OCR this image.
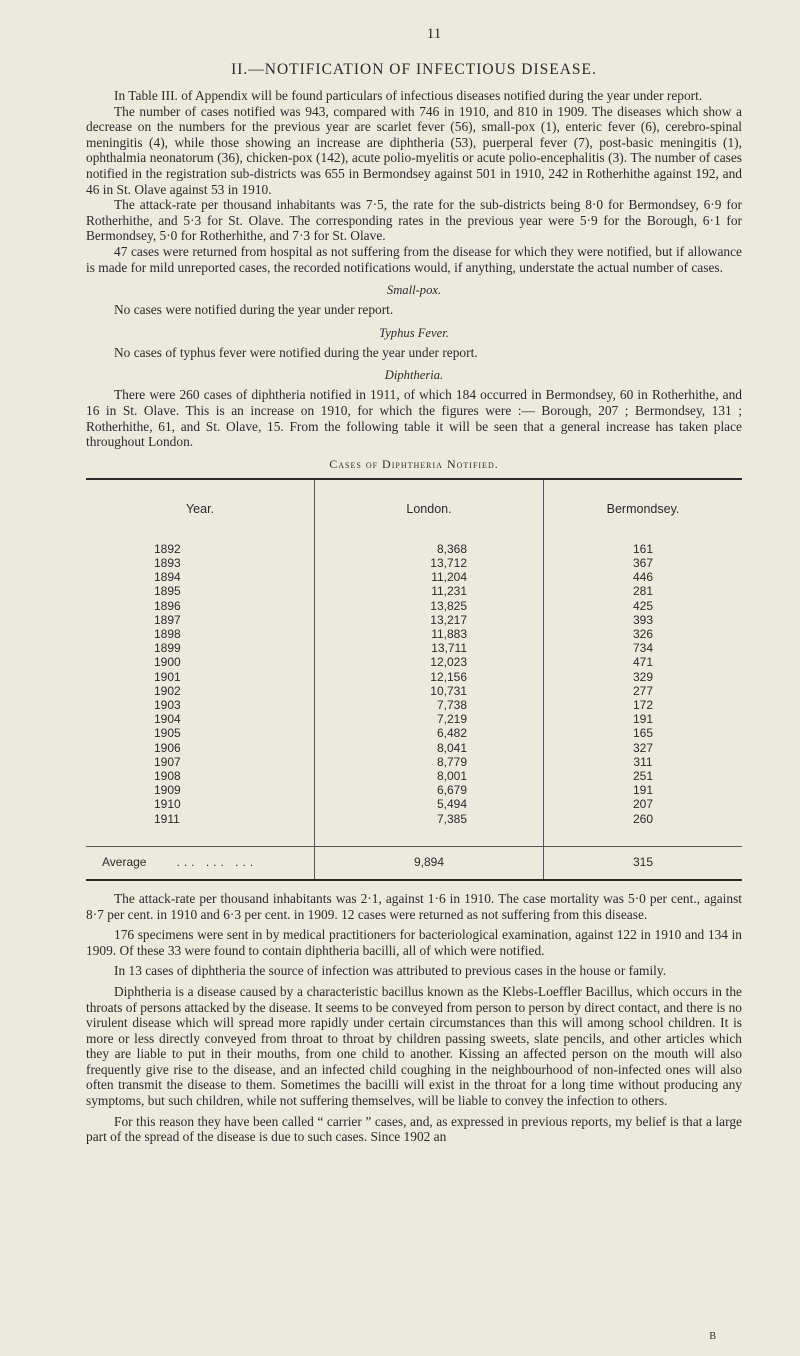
11
II.—NOTIFICATION OF INFECTIOUS DISEASE.

In Table III. of Appendix will be found particulars of infectious diseases notified during the year under report.

The number of cases notified was 943, compared with 746 in 1910, and 810 in 1909. The diseases which show a decrease on the numbers for the previous year are scarlet fever (56), small-pox (1), enteric fever (6), cerebro-spinal meningitis (4), while those showing an increase are diphtheria (53), puerperal fever (7), post-basic meningitis (1), ophthalmia neonatorum (36), chicken-pox (142), acute polio-myelitis or acute polio-encephalitis (3). The number of cases notified in the registration sub-districts was 655 in Bermondsey against 501 in 1910, 242 in Rotherhithe against 192, and 46 in St. Olave against 53 in 1910.

The attack-rate per thousand inhabitants was 7·5, the rate for the sub-districts being 8·0 for Bermondsey, 6·9 for Rotherhithe, and 5·3 for St. Olave. The corresponding rates in the previous year were 5·9 for the Borough, 6·1 for Bermondsey, 5·0 for Rotherhithe, and 7·3 for St. Olave.

47 cases were returned from hospital as not suffering from the disease for which they were notified, but if allowance is made for mild unreported cases, the recorded notifications would, if anything, understate the actual number of cases.

Small-pox.

No cases were notified during the year under report.

Typhus Fever.

No cases of typhus fever were notified during the year under report.

Diphtheria.

There were 260 cases of diphtheria notified in 1911, of which 184 occurred in Bermondsey, 60 in Rotherhithe, and 16 in St. Olave. This is an increase on 1910, for which the figures were :— Borough, 207 ; Bermondsey, 131 ; Rotherhithe, 61, and St. Olave, 15. From the following table it will be seen that a general increase has taken place throughout London.

Cases of Diphtheria Notified.
Year.	London.	Bermondsey.
1892	8,368	161
1893	13,712	367
1894	11,204	446
1895	11,231	281
1896	13,825	425
1897	13,217	393
1898	11,883	326
1899	13,711	734
1900	12,023	471
1901	12,156	329
1902	10,731	277
1903	7,738	172
1904	7,219	191
1905	6,482	165
1906	8,041	327
1907	8,779	311
1908	8,001	251
1909	6,679	191
1910	5,494	207
1911	7,385	260

Average ... ... ...	9,894	315

The attack-rate per thousand inhabitants was 2·1, against 1·6 in 1910. The case mortality was 5·0 per cent., against 8·7 per cent. in 1910 and 6·3 per cent. in 1909. 12 cases were returned as not suffering from this disease.

176 specimens were sent in by medical practitioners for bacteriological examination, against 122 in 1910 and 134 in 1909. Of these 33 were found to contain diphtheria bacilli, all of which were notified.

In 13 cases of diphtheria the source of infection was attributed to previous cases in the house or family.

Diphtheria is a disease caused by a characteristic bacillus known as the Klebs-Loeffler Bacillus, which occurs in the throats of persons attacked by the disease. It seems to be conveyed from person to person by direct contact, and there is no virulent disease which will spread more rapidly under certain circumstances than this will among school children. It is more or less directly conveyed from throat to throat by children passing sweets, slate pencils, and other articles which they are liable to put in their mouths, from one child to another. Kissing an affected person on the mouth will also frequently give rise to the disease, and an infected child coughing in the neighbourhood of non-infected ones will also often transmit the disease to them. Sometimes the bacilli will exist in the throat for a long time without producing any symptoms, but such children, while not suffering themselves, will be liable to convey the infection to others.

For this reason they have been called “ carrier ” cases, and, as expressed in previous reports, my belief is that a large part of the spread of the disease is due to such cases. Since 1902 an

B
